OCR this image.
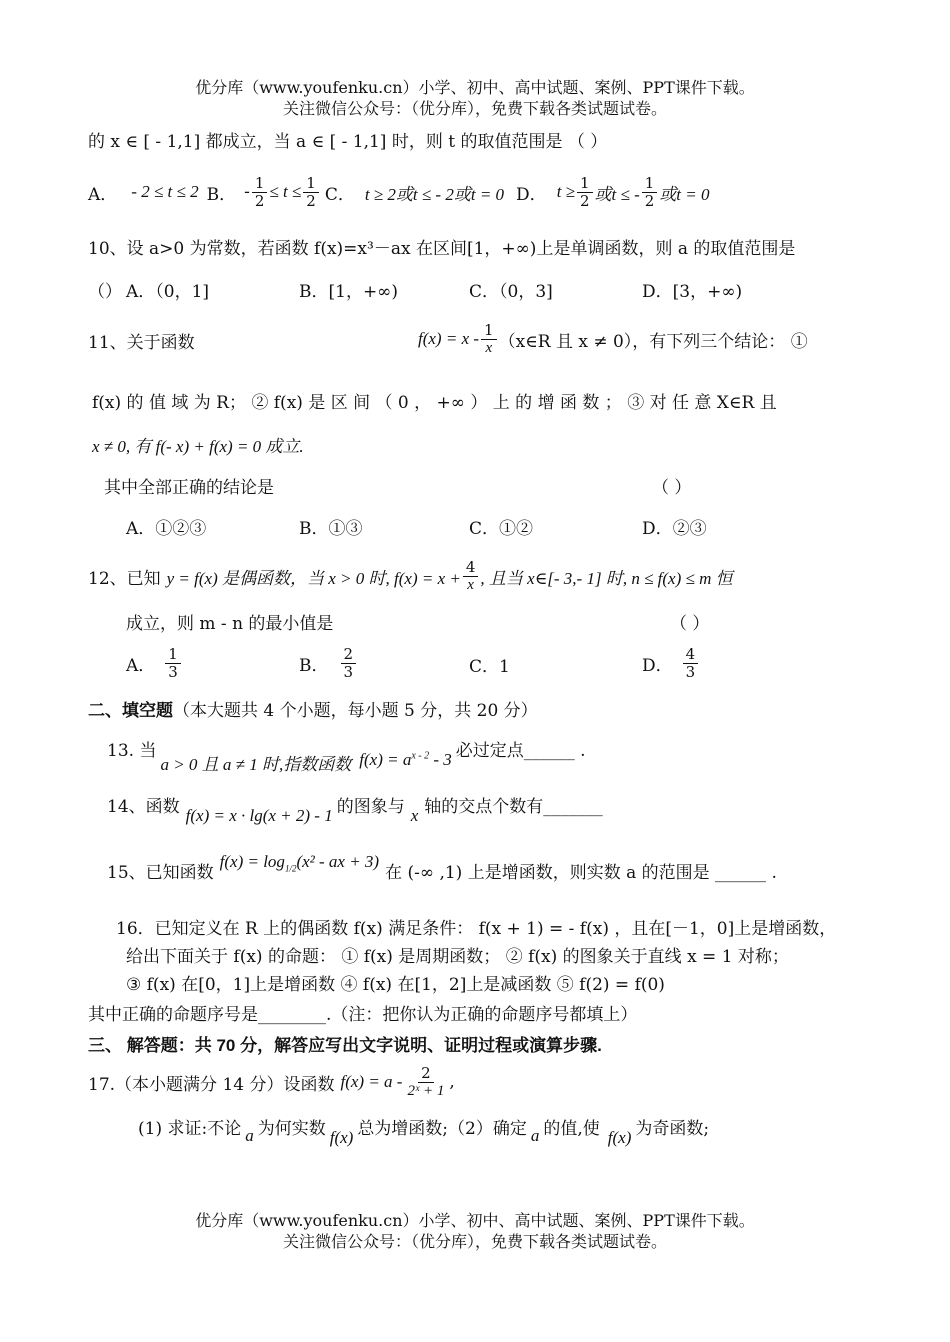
优分库（www.youfenku.cn）小学、初中、高中试题、案例、PPT课件下载。
关注微信公众号：（优分库），免费下载各类试题试卷。
的 x ∈ [ - 1,1] 都成立，当 a ∈ [ - 1,1] 时，则 t 的取值范围是 （ ）
A． - 2 ≤ t ≤ 2 B． - $\frac{1}{2} \le t \le \frac{1}{2}$ C． t ≥ 2或t ≤ - 2或t = 0 D． $t \ge \frac{1}{2}$ 或t ≤ - $\frac{1}{2}$ 或t = 0
10、设 a>0 为常数，若函数 f(x)=x³－ax 在区间[1，+∞)上是单调函数，则 a 的取值范围是
（） A．（0，1]	B．[1，+∞)	C．（0，3]	D．[3，+∞)
11、关于函数	$f(x) = x - \frac{1}{x}$ （x∈R 且 x ≠ 0），有下列三个结论： ①
f(x) 的 值 域 为 R； ② f(x) 是 区 间 （ 0 ， +∞ ） 上 的 增 函 数 ； ③ 对 任 意 X∈R 且
x ≠ 0, 有 f(- x) + f(x) = 0 成立.
其中全部正确的结论是	（ ）
A．①②③	B．①③	C．①②	D．②③
12、已知 y = f(x) 是偶函数，当 x > 0 时, $f(x) = x + \frac{4}{x}$ , 且当 x∈[- 3,- 1] 时, n ≤ f(x) ≤ m 恒
成立，则 m - n 的最小值是	（ ）
A． $\frac{1}{3}$	B． $\frac{2}{3}$	C．1	D． $\frac{4}{3}$
二、填空题（本大题共 4 个小题，每小题 5 分，共 20 分）
13. 当
a > 0 且 a ≠ 1 时,指数函数 $f(x) = a^{x - 2} - 3$ 必过定点______ .
14、函数 f(x) = x · lg(x + 2) - 1 的图象与 x 轴的交点个数有_______
15、已知函数
$f(x) = \log_{1/2}(x^2$ - ax + 3)
在 (-∞ ,1) 上是增函数，则实数 a 的范围是 ______ .
16．已知定义在 R 上的偶函数 f(x) 满足条件： f(x + 1) = - f(x) ，且在[－1，0]上是增函数，
给出下面关于 f(x) 的命题： ① f(x) 是周期函数； ② f(x) 的图象关于直线 x = 1 对称；
③ f(x) 在[0，1]上是增函数 ④ f(x) 在[1，2]上是减函数 ⑤ f(2) = f(0)
其中正确的命题序号是________.（注：把你认为正确的命题序号都填上）
三、 解答题：共 70 分，解答应写出文字说明、证明过程或演算步骤.
17.（本小题满分 14 分）设函数 $f(x) = a - \frac{2}{\text{2ˣ + 1}}$ ,
(1) 求证:不论 a 为何实数 f(x) 总为增函数;（2）确定 a 的值,使 f(x) 为奇函数;
优分库（www.youfenku.cn）小学、初中、高中试题、案例、PPT课件下载。
关注微信公众号：（优分库），免费下载各类试题试卷。
